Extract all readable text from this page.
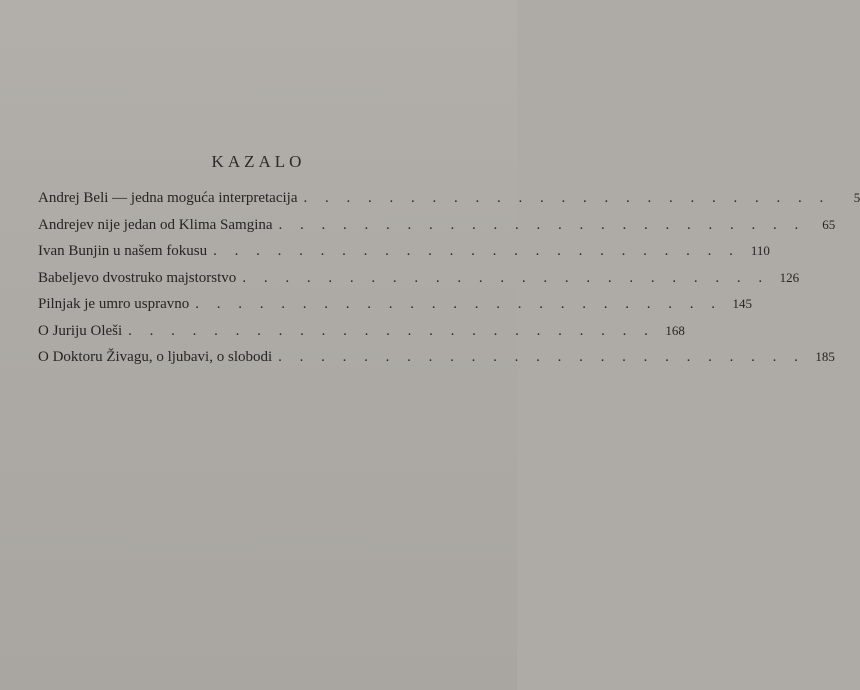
KAZALO
Andrej Beli — jedna moguća interpretacija . . . . . . . . . . . . . . . . . . . . . . . . .	5
Andrejev nije jedan od Klima Samgina . . . . . . . . . . . . . . . . . . . . . . . . .	65
Ivan Bunjin u našem fokusu . . . . . . . . . . . . . . . . . . . . . . . . . 110
Babeljevo dvostruko majstorstvo . . . . . . . . . . . . . . . . . . . . . . . . . 126
Pilnjak je umro uspravno . . . . . . . . . . . . . . . . . . . . . . . . . 145
O Juriju Oleši . . . . . . . . . . . . . . . . . . . . . . . . . 168
O Doktoru Živagu, o ljubavi, o slobodi . . . . . . . . . . . . . . . . . . . . . . . . . 185
